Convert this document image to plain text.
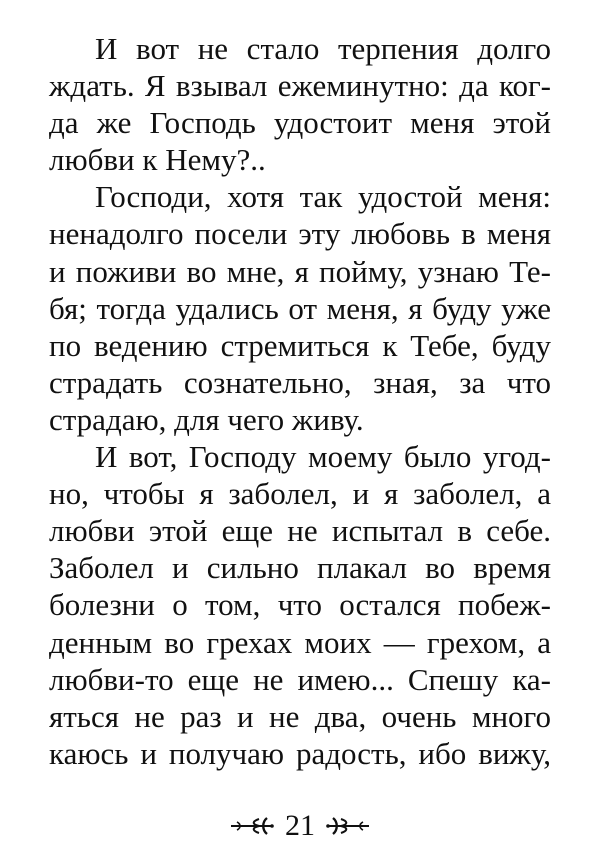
И вот не стало терпения долго
ждать. Я взывал ежеминутно: да ког-
да же Господь удостоит меня этой
любви к Нему?..
Господи, хотя так удостой меня:
ненадолго посели эту любовь в меня
и поживи во мне, я пойму, узнаю Те-
бя; тогда удались от меня, я буду уже
по ведению стремиться к Тебе, буду
страдать сознательно, зная, за что
страдаю, для чего живу.
И вот, Господу моему было угод-
но, чтобы я заболел, и я заболел, а
любви этой еще не испытал в себе.
Заболел и сильно плакал во время
болезни о том, что остался побеж-
денным во грехах моих — грехом, а
любви-то еще не имею... Спешу ка-
яться не раз и не два, очень много
каюсь и получаю радость, ибо вижу,
21
